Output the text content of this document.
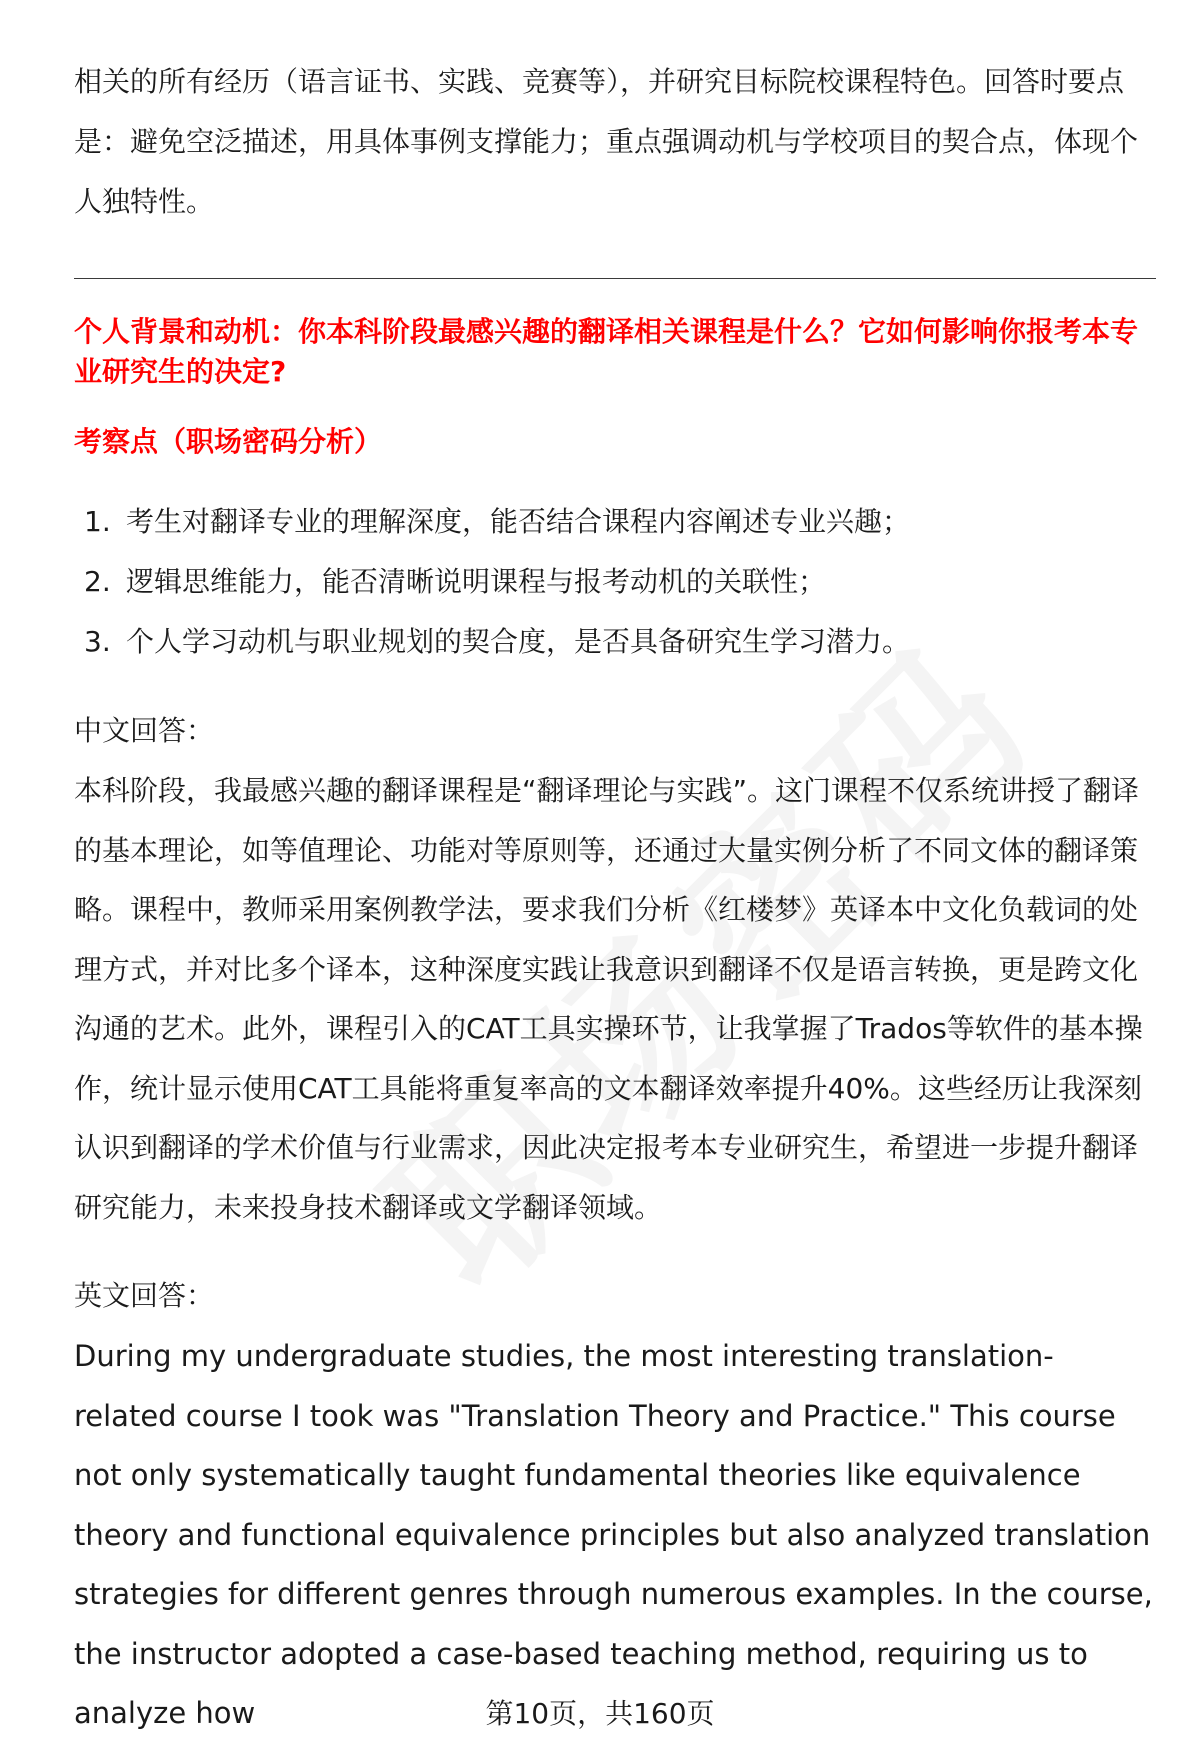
相关的所有经历（语言证书、实践、竞赛等），并研究目标院校课程特色。回答时要点是：避免空泛描述，用具体事例支撑能力；重点强调动机与学校项目的契合点，体现个人独特性。
个人背景和动机：你本科阶段最感兴趣的翻译相关课程是什么？它如何影响你报考本专业研究生的决定?
考察点（职场密码分析）
1. 考生对翻译专业的理解深度，能否结合课程内容阐述专业兴趣；
2. 逻辑思维能力，能否清晰说明课程与报考动机的关联性；
3. 个人学习动机与职业规划的契合度，是否具备研究生学习潜力。
中文回答：
本科阶段，我最感兴趣的翻译课程是“翻译理论与实践”。这门课程不仅系统讲授了翻译的基本理论，如等值理论、功能对等原则等，还通过大量实例分析了不同文体的翻译策略。课程中，教师采用案例教学法，要求我们分析《红楼梦》英译本中文化负载词的处理方式，并对比多个译本，这种深度实践让我意识到翻译不仅是语言转换，更是跨文化沟通的艺术。此外，课程引入的CAT工具实操环节，让我掌握了Trados等软件的基本操作，统计显示使用CAT工具能将重复率高的文本翻译效率提升40%。这些经历让我深刻认识到翻译的学术价值与行业需求，因此决定报考本专业研究生，希望进一步提升翻译研究能力，未来投身技术翻译或文学翻译领域。
英文回答：
During my undergraduate studies, the most interesting translation-related course I took was "Translation Theory and Practice." This course not only systematically taught fundamental theories like equivalence theory and functional equivalence principles but also analyzed translation strategies for different genres through numerous examples. In the course, the instructor adopted a case-based teaching method, requiring us to analyze how	第10页，共160页
